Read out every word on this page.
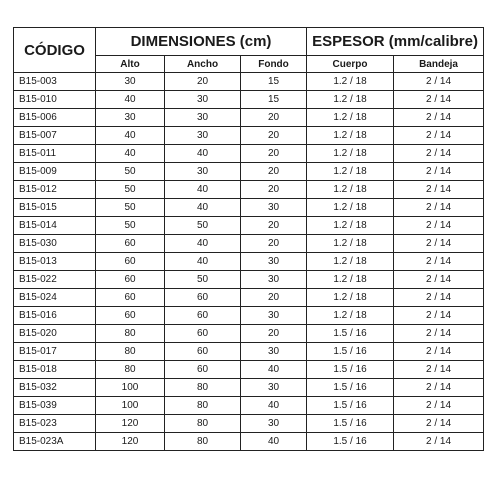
CÓDIGO	DIMENSIONES (cm)			ESPESOR (mm/calibre)	
	Alto	Ancho	Fondo	Cuerpo	Bandeja
B15-003	30	20	15	1.2 / 18	2 / 14
B15-010	40	30	15	1.2 / 18	2 / 14
B15-006	30	30	20	1.2 / 18	2 / 14
B15-007	40	30	20	1.2 / 18	2 / 14
B15-011	40	40	20	1.2 / 18	2 / 14
B15-009	50	30	20	1.2 / 18	2 / 14
B15-012	50	40	20	1.2 / 18	2 / 14
B15-015	50	40	30	1.2 / 18	2 / 14
B15-014	50	50	20	1.2 / 18	2 / 14
B15-030	60	40	20	1.2 / 18	2 / 14
B15-013	60	40	30	1.2 / 18	2 / 14
B15-022	60	50	30	1.2 / 18	2 / 14
B15-024	60	60	20	1.2 / 18	2 / 14
B15-016	60	60	30	1.2 / 18	2 / 14
B15-020	80	60	20	1.5 / 16	2 / 14
B15-017	80	60	30	1.5 / 16	2 / 14
B15-018	80	60	40	1.5 / 16	2 / 14
B15-032	100	80	30	1.5 / 16	2 / 14
B15-039	100	80	40	1.5 / 16	2 / 14
B15-023	120	80	30	1.5 / 16	2 / 14
B15-023A	120	80	40	1.5 / 16	2 / 14
